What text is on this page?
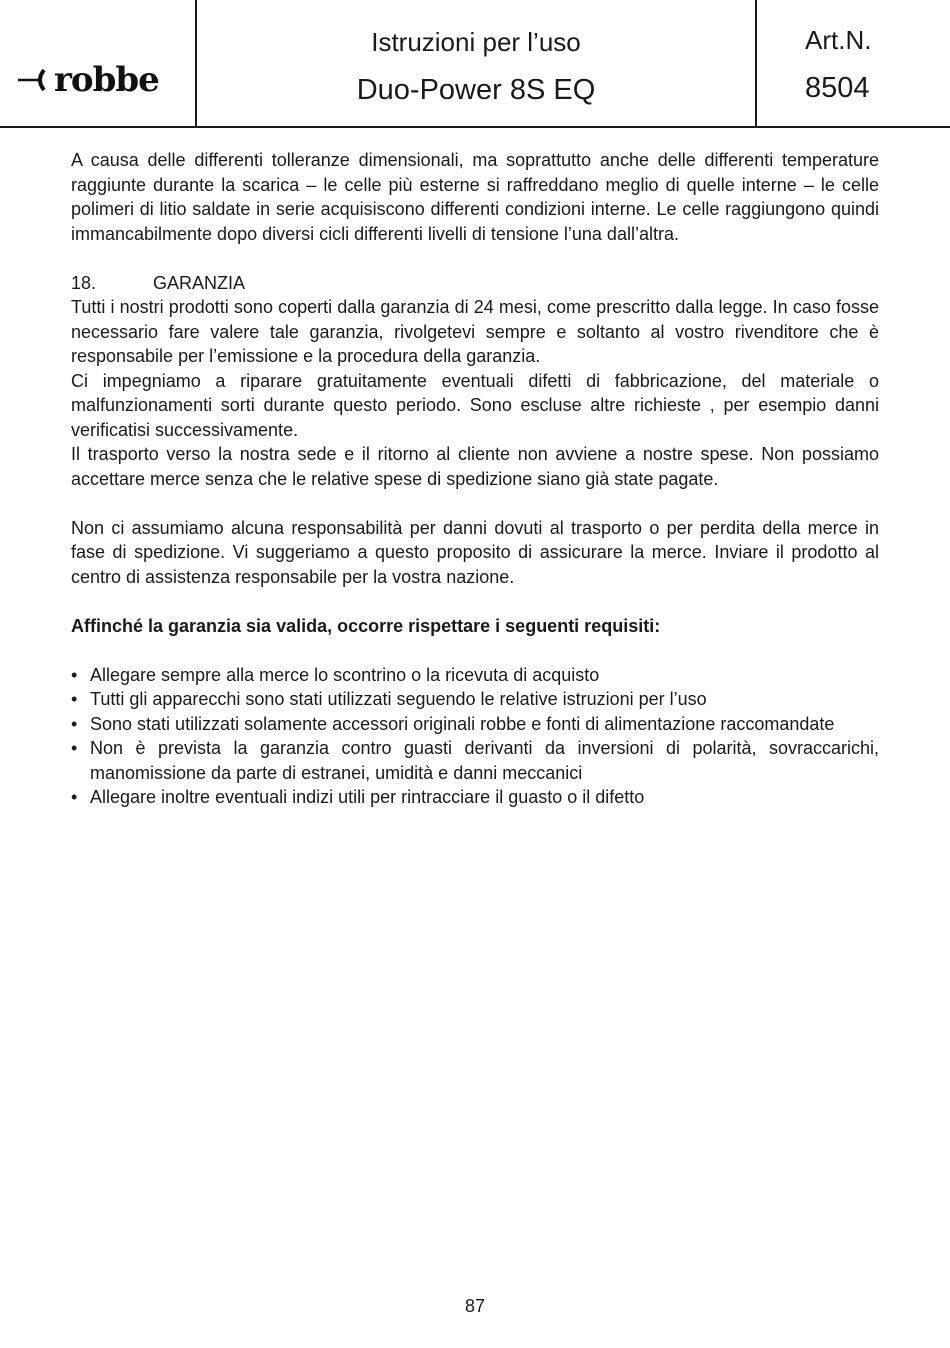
robbe
Istruzioni per l’uso
Duo-Power 8S EQ
Art.N.
8504

A causa delle differenti tolleranze dimensionali, ma soprattutto anche delle differenti temperature raggiunte durante la scarica – le celle più esterne si raffreddano meglio di quelle interne – le celle polimeri di litio saldate in serie acquisiscono differenti condizioni interne. Le celle raggiungono quindi immancabilmente dopo diversi cicli differenti livelli di tensione l’una dall’altra.

18.	GARANZIA

Tutti i nostri prodotti sono coperti dalla garanzia di 24 mesi, come prescritto dalla legge. In caso fosse necessario fare valere tale garanzia, rivolgetevi sempre e soltanto al vostro rivenditore che è responsabile per l’emissione e la procedura della garanzia.

Ci impegniamo a riparare gratuitamente eventuali difetti di fabbricazione, del materiale o malfunzionamenti sorti durante questo periodo. Sono escluse altre richieste , per esempio danni verificatisi successivamente.

Il trasporto verso la nostra sede e il ritorno al cliente non avviene a nostre spese. Non possiamo accettare merce senza che le relative spese di spedizione siano già state pagate.

Non ci assumiamo alcuna responsabilità per danni dovuti al trasporto o per perdita della merce in fase di spedizione. Vi suggeriamo a questo proposito di assicurare la merce. Inviare il prodotto al centro di assistenza responsabile per la vostra nazione.

Affinché la garanzia sia valida, occorre rispettare i seguenti requisiti:

• Allegare sempre alla merce lo scontrino o la ricevuta di acquisto
• Tutti gli apparecchi sono stati utilizzati seguendo le relative istruzioni per l’uso
• Sono stati utilizzati solamente accessori originali robbe e fonti di alimentazione raccomandate
• Non è prevista la garanzia contro guasti derivanti da inversioni di polarità, sovraccarichi, manomissione da parte di estranei, umidità e danni meccanici
• Allegare inoltre eventuali indizi utili per rintracciare il guasto o il difetto
87
